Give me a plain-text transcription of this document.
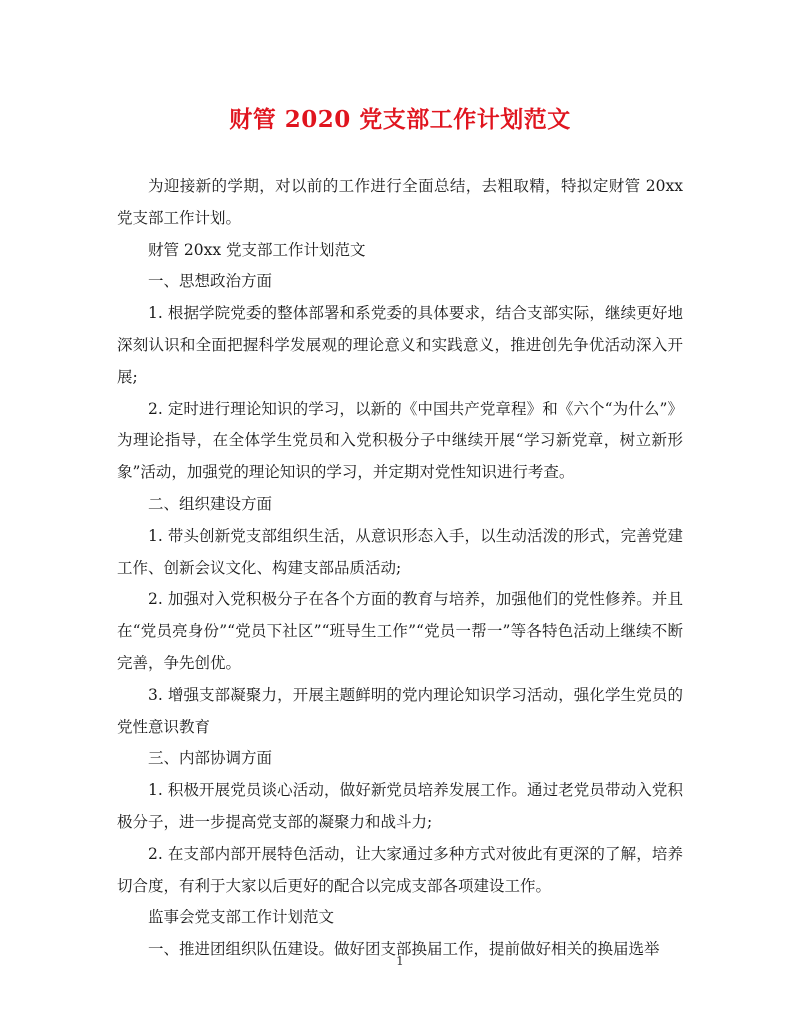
财管 2020 党支部工作计划范文

为迎接新的学期，对以前的工作进行全面总结，去粗取精，特拟定财管 20xx 党支部工作计划。

财管 20xx 党支部工作计划范文

一、思想政治方面

1. 根据学院党委的整体部署和系党委的具体要求，结合支部实际，继续更好地深刻认识和全面把握科学发展观的理论意义和实践意义，推进创先争优活动深入开展;

2. 定时进行理论知识的学习，以新的《中国共产党章程》和《六个“为什么”》为理论指导，在全体学生党员和入党积极分子中继续开展“学习新党章，树立新形象”活动，加强党的理论知识的学习，并定期对党性知识进行考查。

二、组织建设方面

1. 带头创新党支部组织生活，从意识形态入手，以生动活泼的形式，完善党建工作、创新会议文化、构建支部品质活动;

2. 加强对入党积极分子在各个方面的教育与培养，加强他们的党性修养。并且在“党员亮身份”“党员下社区”“班导生工作”“党员一帮一”等各特色活动上继续不断完善，争先创优。

3. 增强支部凝聚力，开展主题鲜明的党内理论知识学习活动，强化学生党员的党性意识教育

三、内部协调方面

1. 积极开展党员谈心活动，做好新党员培养发展工作。通过老党员带动入党积极分子，进一步提高党支部的凝聚力和战斗力;

2. 在支部内部开展特色活动，让大家通过多种方式对彼此有更深的了解，培养切合度，有利于大家以后更好的配合以完成支部各项建设工作。

监事会党支部工作计划范文

一、推进团组织队伍建设。做好团支部换届工作，提前做好相关的换届选举

1
